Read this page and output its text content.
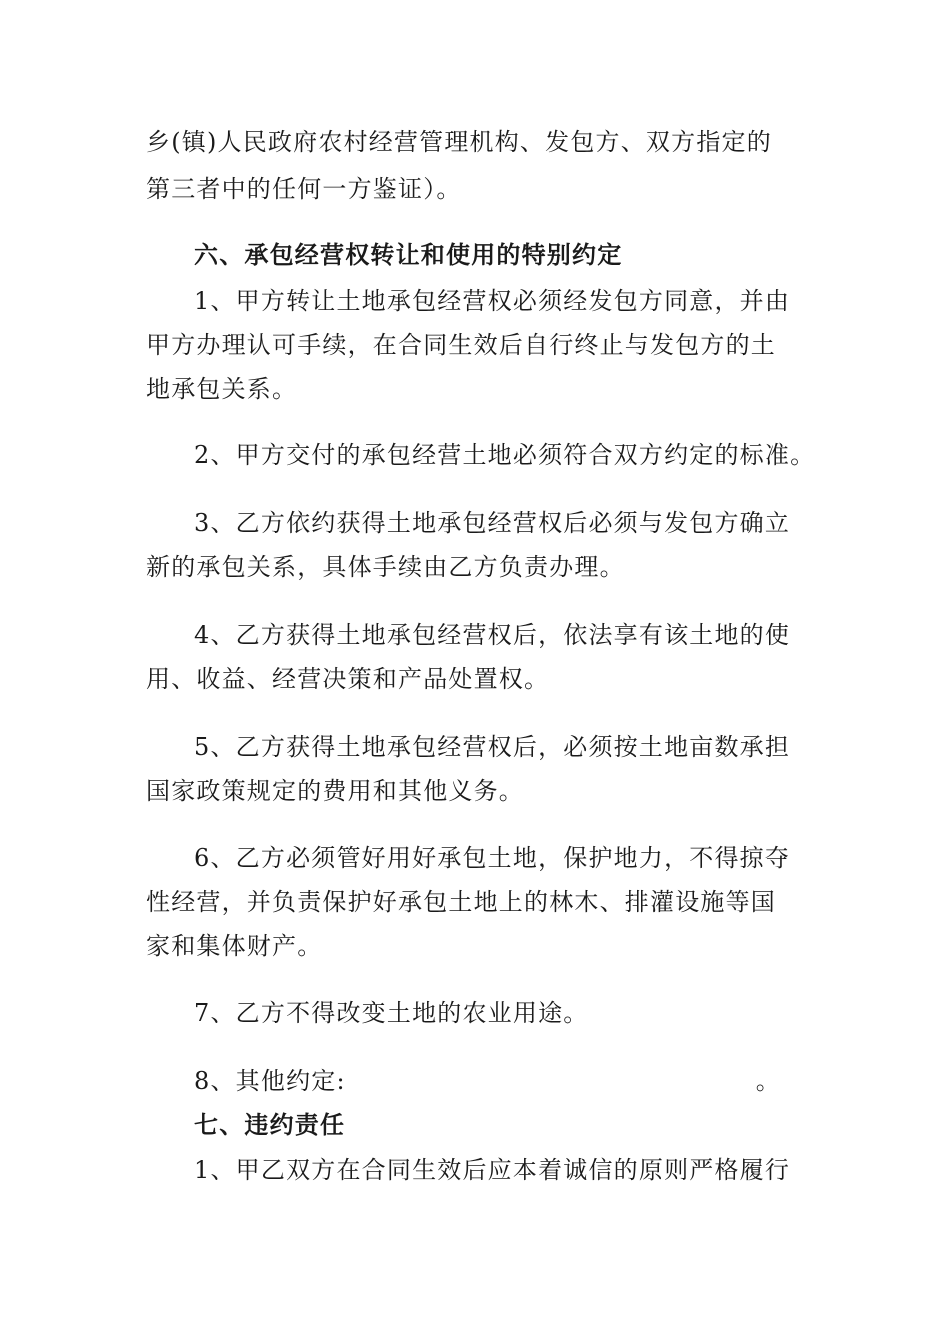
乡(镇)人民政府农村经营管理机构、发包方、双方指定的
第三者中的任何一方鉴证）。
六、承包经营权转让和使用的特别约定
1、甲方转让土地承包经营权必须经发包方同意，并由
甲方办理认可手续，在合同生效后自行终止与发包方的土
地承包关系。
2、甲方交付的承包经营土地必须符合双方约定的标准。
3、乙方依约获得土地承包经营权后必须与发包方确立
新的承包关系，具体手续由乙方负责办理。
4、乙方获得土地承包经营权后，依法享有该土地的使
用、收益、经营决策和产品处置权。
5、乙方获得土地承包经营权后，必须按土地亩数承担
国家政策规定的费用和其他义务。
6、乙方必须管好用好承包土地，保护地力，不得掠夺
性经营，并负责保护好承包土地上的林木、排灌设施等国
家和集体财产。
7、乙方不得改变土地的农业用途。
8、其他约定:	。
七、违约责任
1、甲乙双方在合同生效后应本着诚信的原则严格履行
